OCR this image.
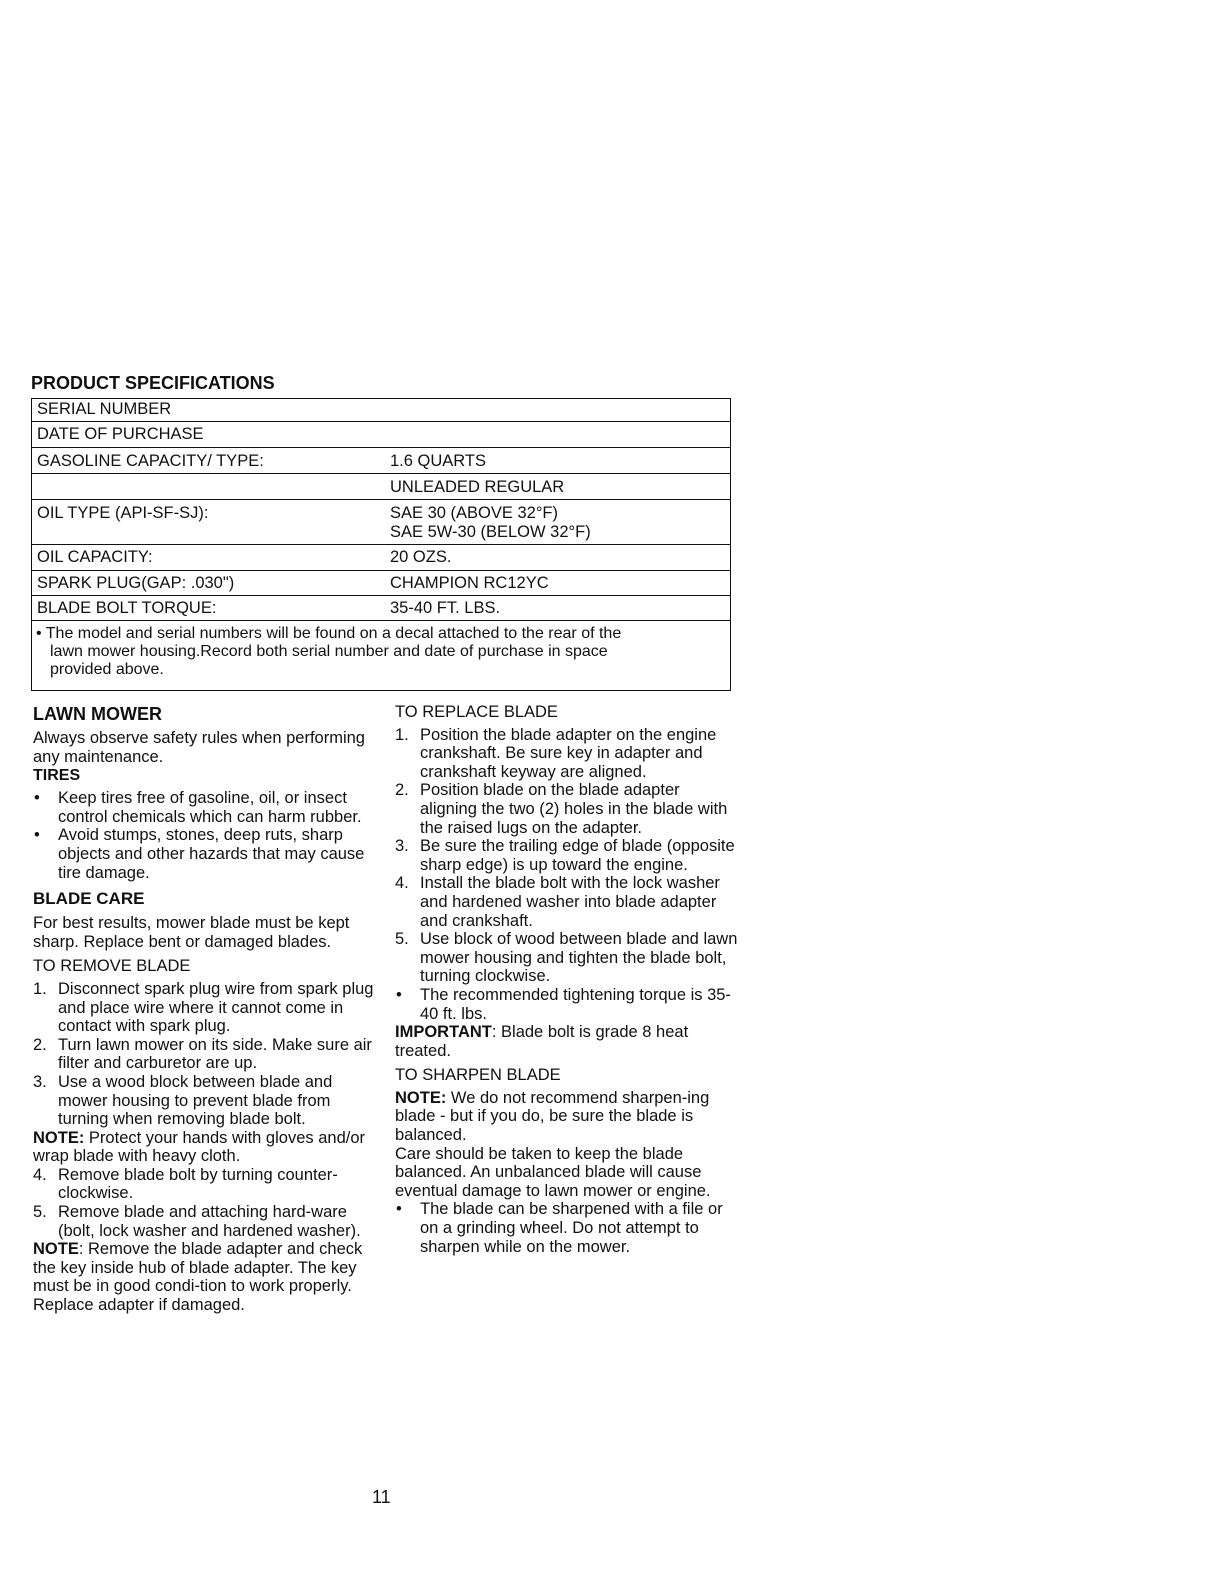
PRODUCT SPECIFICATIONS
SERIAL NUMBER
DATE OF PURCHASE
GASOLINE CAPACITY/ TYPE:	1.6 QUARTS
UNLEADED REGULAR
OIL TYPE (API-SF-SJ):	SAE 30 (ABOVE 32°F)
SAE 5W-30 (BELOW 32°F)
OIL CAPACITY:	20 OZS.
SPARK PLUG(GAP: .030")	CHAMPION RC12YC
BLADE BOLT TORQUE:	35-40 FT. LBS.
• The model and serial numbers will be found on a decal attached to the rear of the
lawn mower housing.Record both serial number and date of purchase in space
provided above.
LAWN MOWER

Always observe safety rules when performing any maintenance.

TIRES
•	Keep tires free of gasoline, oil, or insect control chemicals which can harm rubber.
•	Avoid stumps, stones, deep ruts, sharp objects and other hazards that may cause tire damage.
BLADE CARE

For best results, mower blade must be kept sharp. Replace bent or damaged blades.

TO REMOVE BLADE

1. Disconnect spark plug wire from spark plug and place wire where it cannot come in contact with spark plug.
2. Turn lawn mower on its side. Make sure air filter and carburetor are up.
3. Use a wood block between blade and mower housing to prevent blade from turning when removing blade bolt.

NOTE: Protect your hands with gloves and/or wrap blade with heavy cloth.

4. Remove blade bolt by turning counter-clockwise.
5. Remove blade and attaching hard-ware (bolt, lock washer and hardened washer).

NOTE: Remove the blade adapter and check the key inside hub of blade adapter. The key must be in good condi-tion to work properly. Replace adapter if damaged.

TO REPLACE BLADE

1. Position the blade adapter on the engine crankshaft. Be sure key in adapter and crankshaft keyway are aligned.
2. Position blade on the blade adapter aligning the two (2) holes in the blade with the raised lugs on the adapter.
3. Be sure the trailing edge of blade (opposite sharp edge) is up toward the engine.
4. Install the blade bolt with the lock washer and hardened washer into blade adapter and crankshaft.
5. Use block of wood between blade and lawn mower housing and tighten the blade bolt, turning clockwise.
•	The recommended tightening torque is 35-40 ft. lbs.

IMPORTANT: Blade bolt is grade 8 heat treated.

TO SHARPEN BLADE

NOTE: We do not recommend sharpen-ing blade - but if you do, be sure the blade is balanced.

Care should be taken to keep the blade balanced. An unbalanced blade will cause eventual damage to lawn mower or engine.

•	The blade can be sharpened with a file or on a grinding wheel. Do not attempt to sharpen while on the mower.
11
